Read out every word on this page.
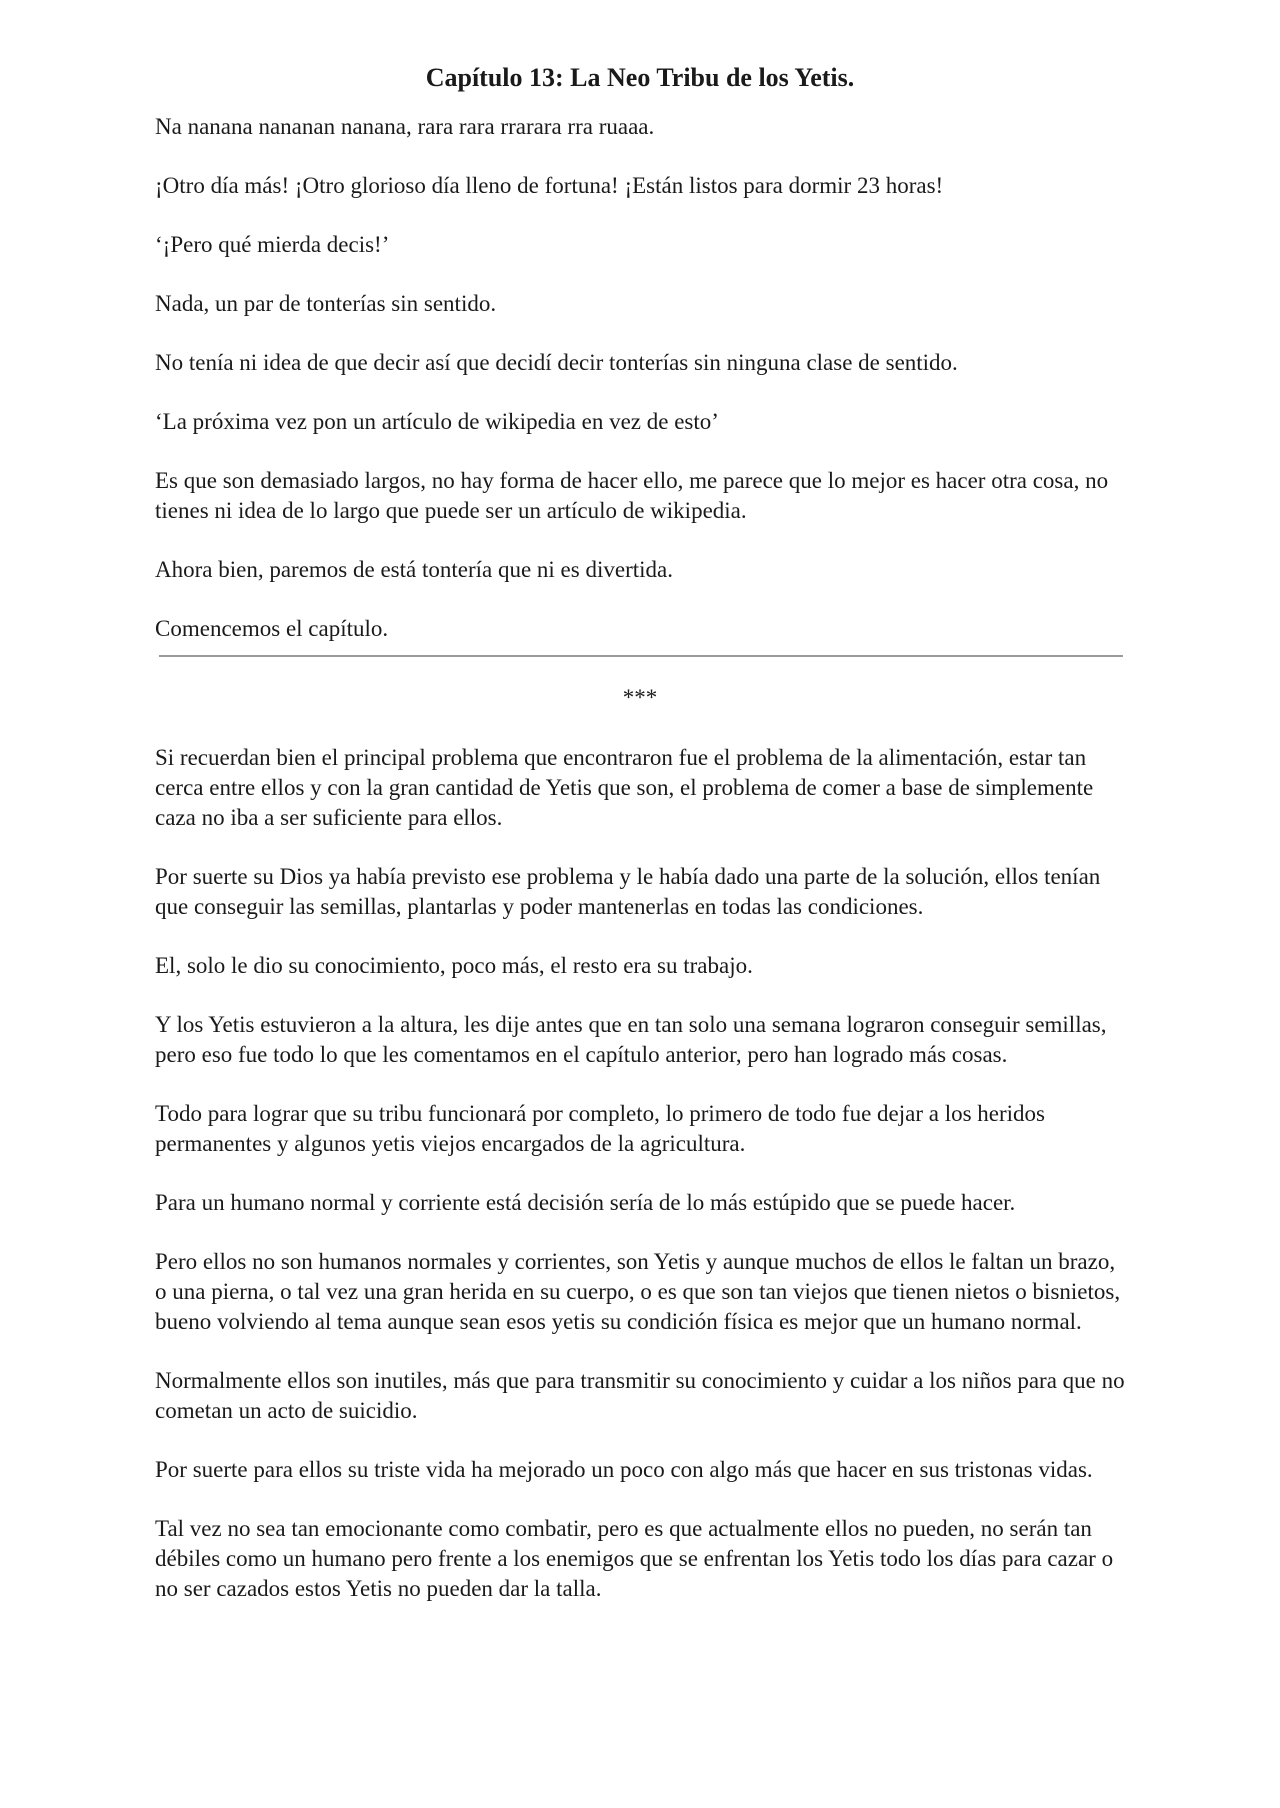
Capítulo 13: La Neo Tribu de los Yetis.

Na nanana nananan nanana, rara rara rrarara rra ruaaa.

¡Otro día más! ¡Otro glorioso día lleno de fortuna! ¡Están listos para dormir 23 horas!

‘¡Pero qué mierda decis!’

Nada, un par de tonterías sin sentido.

No tenía ni idea de que decir así que decidí decir tonterías sin ninguna clase de sentido.

‘La próxima vez pon un artículo de wikipedia en vez de esto’

Es que son demasiado largos, no hay forma de hacer ello, me parece que lo mejor es hacer otra cosa, no tienes ni idea de lo largo que puede ser un artículo de wikipedia.

Ahora bien, paremos de está tontería que ni es divertida.

Comencemos el capítulo.

***

Si recuerdan bien el principal problema que encontraron fue el problema de la alimentación, estar tan cerca entre ellos y con la gran cantidad de Yetis que son, el problema de comer a base de simplemente caza no iba a ser suficiente para ellos.

Por suerte su Dios ya había previsto ese problema y le había dado una parte de la solución, ellos tenían que conseguir las semillas, plantarlas y poder mantenerlas en todas las condiciones.

El, solo le dio su conocimiento, poco más, el resto era su trabajo.

Y los Yetis estuvieron a la altura, les dije antes que en tan solo una semana lograron conseguir semillas, pero eso fue todo lo que les comentamos en el capítulo anterior, pero han logrado más cosas.

Todo para lograr que su tribu funcionará por completo, lo primero de todo fue dejar a los heridos permanentes y algunos yetis viejos encargados de la agricultura.

Para un humano normal y corriente está decisión sería de lo más estúpido que se puede hacer.

Pero ellos no son humanos normales y corrientes, son Yetis y aunque muchos de ellos le faltan un brazo, o una pierna, o tal vez una gran herida en su cuerpo, o es que son tan viejos que tienen nietos o bisnietos, bueno volviendo al tema aunque sean esos yetis su condición física es mejor que un humano normal.

Normalmente ellos son inutiles, más que para transmitir su conocimiento y cuidar a los niños para que no cometan un acto de suicidio.

Por suerte para ellos su triste vida ha mejorado un poco con algo más que hacer en sus tristonas vidas.

Tal vez no sea tan emocionante como combatir, pero es que actualmente ellos no pueden, no serán tan débiles como un humano pero frente a los enemigos que se enfrentan los Yetis todo los días para cazar o no ser cazados estos Yetis no pueden dar la talla.
